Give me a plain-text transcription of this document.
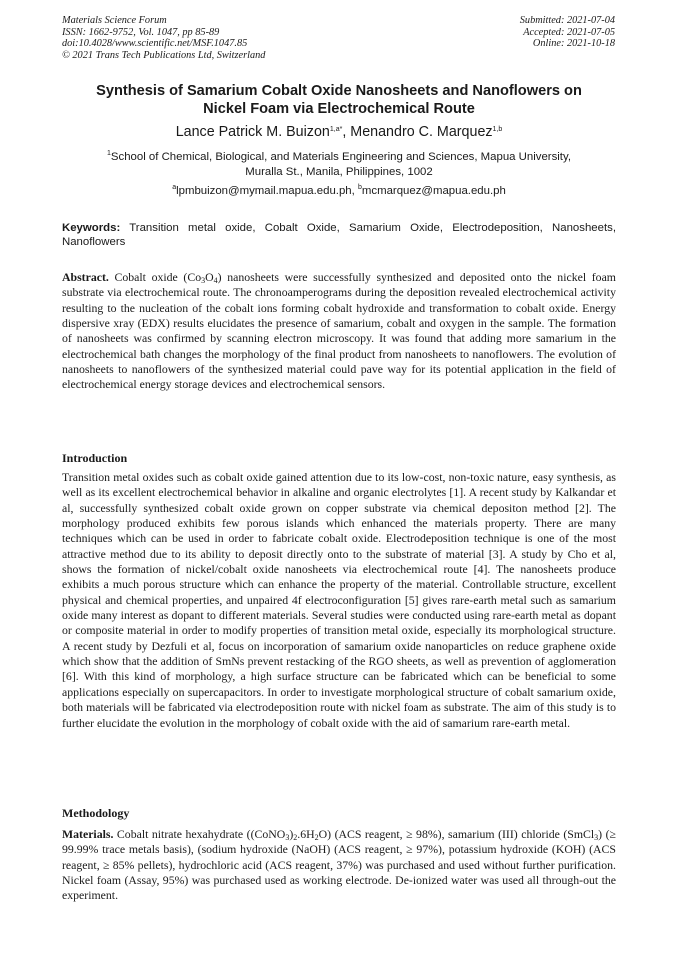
Materials Science Forum
ISSN: 1662-9752, Vol. 1047, pp 85-89
doi:10.4028/www.scientific.net/MSF.1047.85
© 2021 Trans Tech Publications Ltd, Switzerland
Submitted: 2021-07-04
Accepted: 2021-07-05
Online: 2021-10-18
Synthesis of Samarium Cobalt Oxide Nanosheets and Nanoflowers on
Nickel Foam via Electrochemical Route
Lance Patrick M. Buizon$^{1,a*}$, Menandro C. Marquez$^{1,b}$
$^1$School of Chemical, Biological, and Materials Engineering and Sciences, Mapua University,
Muralla St., Manila, Philippines, 1002
$^a$lpmbuizon@mymail.mapua.edu.ph, $^b$mcmarquez@mapua.edu.ph
Keywords: Transition metal oxide, Cobalt Oxide, Samarium Oxide, Electrodeposition, Nanosheets, Nanoflowers

Abstract. Cobalt oxide $(Co_3O_4)$ nanosheets were successfully synthesized and deposited onto the nickel foam substrate via electrochemical route. The chronoamperograms during the deposition revealed electrochemical activity resulting to the nucleation of the cobalt ions forming cobalt hydroxide and transformation to cobalt oxide. Energy dispersive xray (EDX) results elucidates the presence of samarium, cobalt and oxygen in the sample. The formation of nanosheets was confirmed by scanning electron microscopy. It was found that adding more samarium in the electrochemical bath changes the morphology of the final product from nanosheets to nanoflowers. The evolution of nanosheets to nanoflowers of the synthesized material could pave way for its potential application in the field of electrochemical energy storage devices and electrochemical sensors.

Introduction

Transition metal oxides such as cobalt oxide gained attention due to its low-cost, non-toxic nature, easy synthesis, as well as its excellent electrochemical behavior in alkaline and organic electrolytes [1]. A recent study by Kalkandar et al, successfully synthesized cobalt oxide grown on copper substrate via chemical depositon method [2]. The morphology produced exhibits few porous islands which enhanced the materials property. There are many techniques which can be used in order to fabricate cobalt oxide. Electrodeposition technique is one of the most attractive method due to its ability to deposit directly onto to the substrate of material [3]. A study by Cho et al, shows the formation of nickel/cobalt oxide nanosheets via electrochemical route [4]. The nanosheets produce exhibits a much porous structure which can enhance the property of the material. Controllable structure, excellent physical and chemical properties, and unpaired 4f electroconfiguration [5] gives rare-earth metal such as samarium oxide many interest as dopant to different materials. Several studies were conducted using rare-earth metal as dopant or composite material in order to modify properties of transition metal oxide, especially its morphological structure. A recent study by Dezfuli et al, focus on incorporation of samarium oxide nanoparticles on reduce graphene oxide which show that the addition of SmNs prevent restacking of the RGO sheets, as well as prevention of agglomeration [6]. With this kind of morphology, a high surface structure can be fabricated which can be beneficial to some applications especially on supercapacitors. In order to investigate morphological structure of cobalt samarium oxide, both materials will be fabricated via electrodeposition route with nickel foam as substrate. The aim of this study is to further elucidate the evolution in the morphology of cobalt oxide with the aid of samarium rare-earth metal.

Methodology

Materials. Cobalt nitrate hexahydrate $((CoNO_3)_2.6H_2O)$ (ACS reagent, ≥ 98%), samarium (III) chloride (SmCl$_3$) (≥ 99.99% trace metals basis), (sodium hydroxide (NaOH) (ACS reagent, ≥ 97%), potassium hydroxide (KOH) (ACS reagent, ≥ 85% pellets), hydrochloric acid (ACS reagent, 37%) was purchased and used without further purification. Nickel foam (Assay, 95%) was purchased used as working electrode. De-ionized water was used all through-out the experiment.
